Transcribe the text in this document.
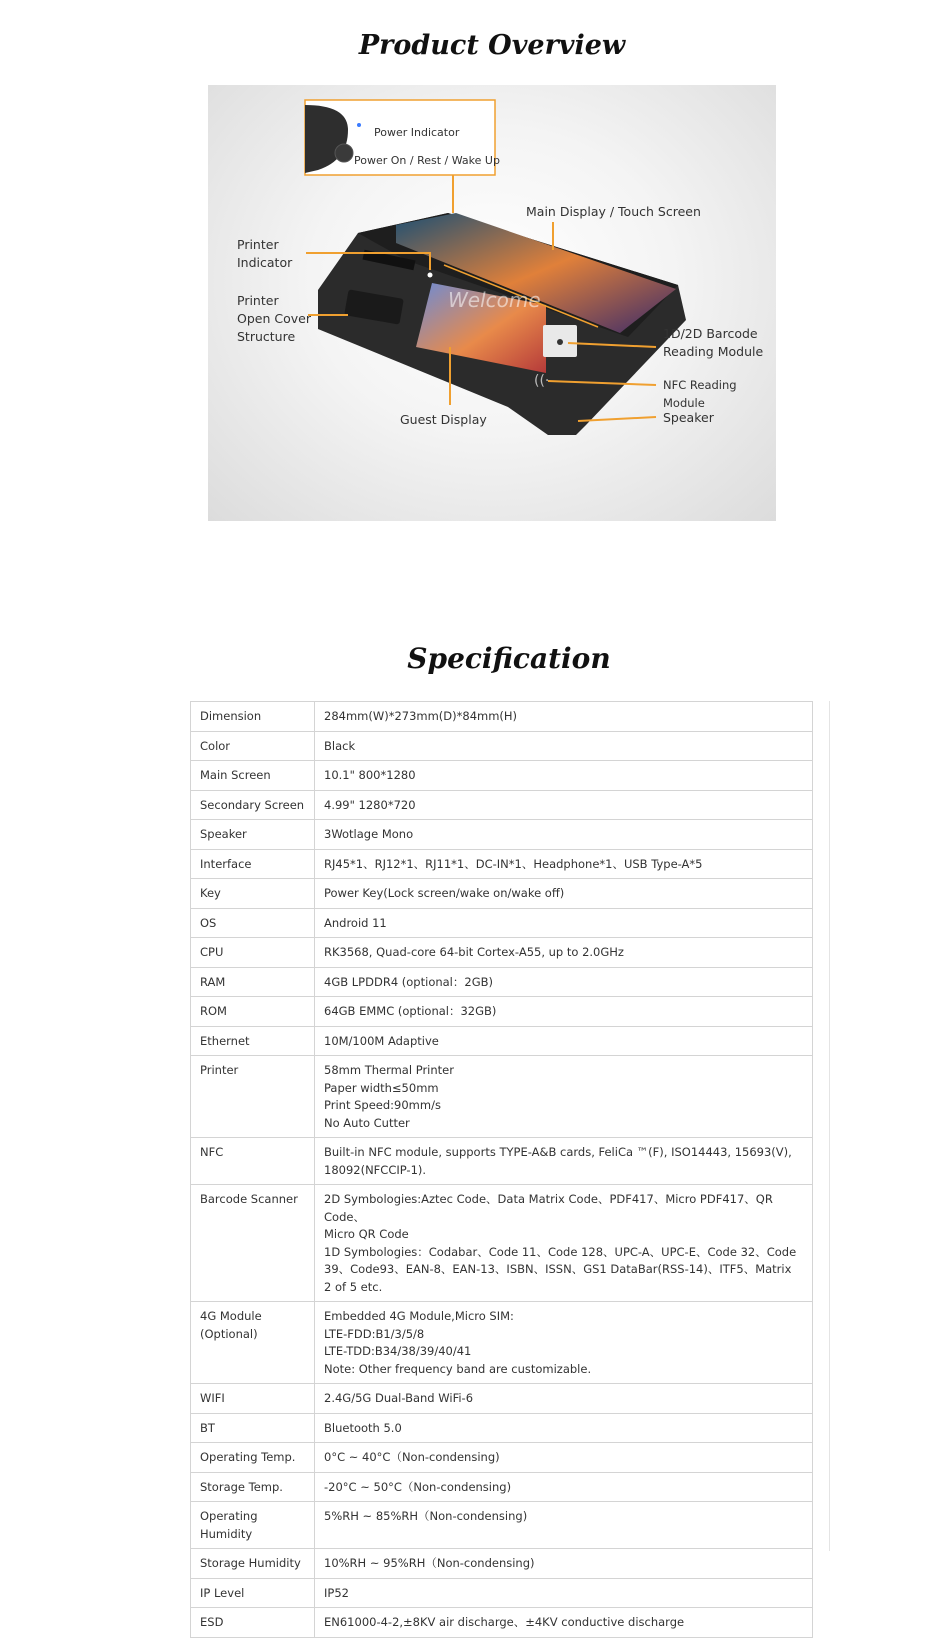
Product Overview
((·
Welcome
Power Indicator
Power On / Rest / Wake Up
Main Display / Touch Screen
Printer
Indicator
Printer
Open Cover
Structure	1D/2D Barcode
Reading Module
NFC Reading Module
Speaker
Guest Display
Specification
Dimension	284mm(W)*273mm(D)*84mm(H)
Color	Black
Main Screen	10.1" 800*1280
Secondary Screen	4.99" 1280*720
Speaker	3Wotlage Mono
Interface	RJ45*1、RJ12*1、RJ11*1、DC-IN*1、Headphone*1、USB Type-A*5
Key	Power Key(Lock screen/wake on/wake off)
OS	Android 11
CPU	RK3568, Quad-core 64-bit Cortex-A55, up to 2.0GHz
RAM	4GB LPDDR4 (optional：2GB)
ROM	64GB EMMC (optional：32GB)
Ethernet	10M/100M Adaptive
Printer	58mm Thermal Printer
Paper width≤50mm
Print Speed:90mm/s
No Auto Cutter
NFC	Built-in NFC module, supports TYPE-A&B cards, FeliCa ™(F), ISO14443, 15693(V),
18092(NFCCIP-1).
Barcode Scanner	2D Symbologies:Aztec Code、Data Matrix Code、PDF417、Micro PDF417、QR Code、
Micro QR Code
1D Symbologies：Codabar、Code 11、Code 128、UPC-A、UPC-E、Code 32、Code
39、Code93、EAN-8、EAN-13、ISBN、ISSN、GS1 DataBar(RSS-14)、ITF5、Matrix
2 of 5 etc.
4G Module
(Optional)	Embedded 4G Module,Micro SIM:
LTE-FDD:B1/3/5/8
LTE-TDD:B34/38/39/40/41
Note: Other frequency band are customizable.
WIFI	2.4G/5G Dual-Band WiFi-6
BT	Bluetooth 5.0
Operating Temp.	0°C ~ 40°C（Non-condensing)
Storage Temp.	-20°C ~ 50°C（Non-condensing)
Operating
Humidity	5%RH ~ 85%RH（Non-condensing)
Storage Humidity	10%RH ~ 95%RH（Non-condensing)
IP Level	IP52
ESD	EN61000-4-2,±8KV air discharge、±4KV conductive discharge
